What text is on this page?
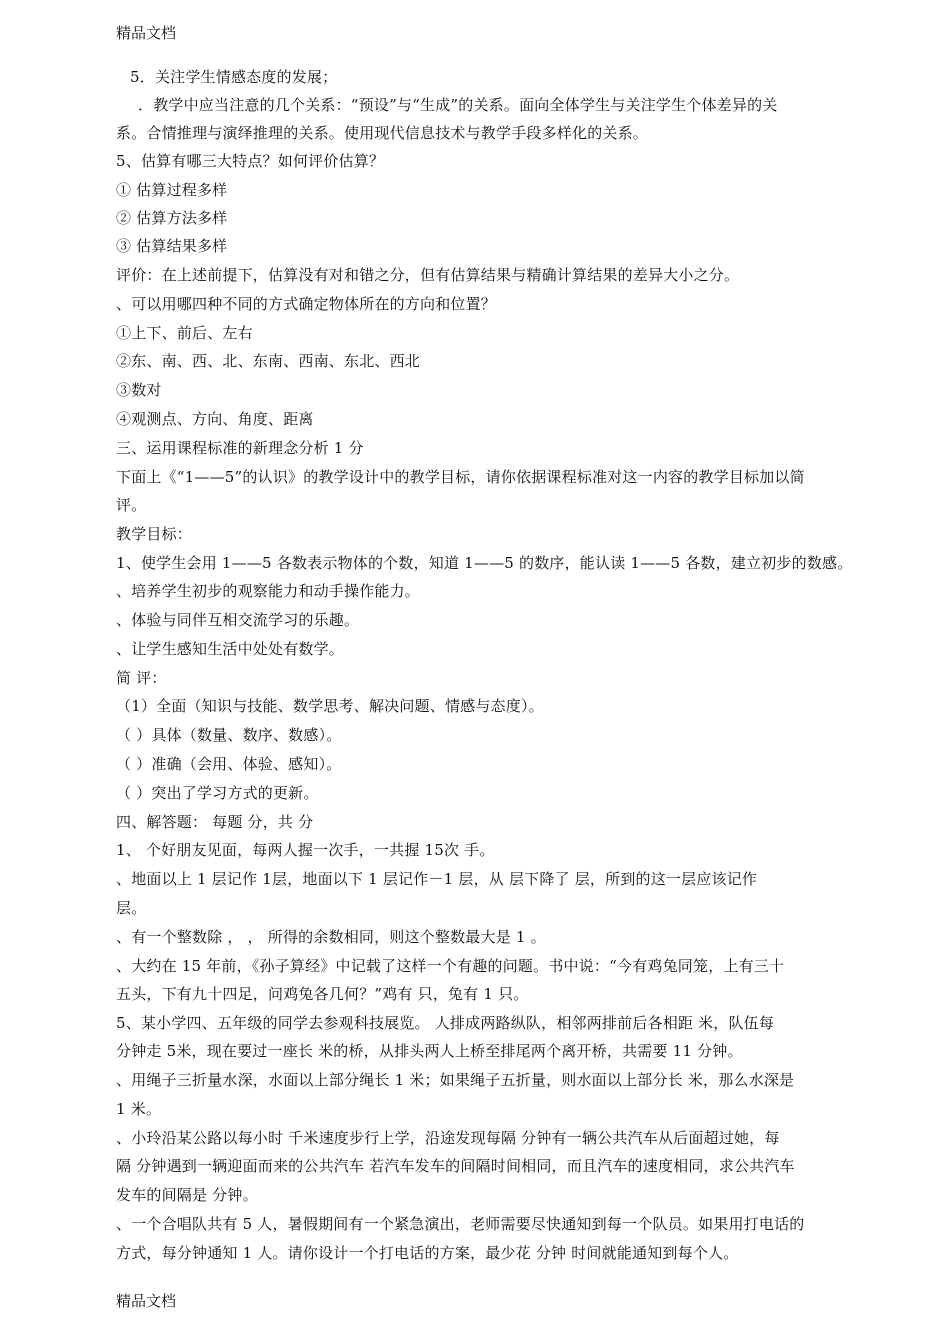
精品文档
5．关注学生情感态度的发展；
．教学中应当注意的几个关系：“预设”与“生成”的关系。面向全体学生与关注学生个体差异的关
系。合情推理与演绎推理的关系。使用现代信息技术与教学手段多样化的关系。
5、估算有哪三大特点？如何评价估算？
① 估算过程多样
② 估算方法多样
③ 估算结果多样
评价：在上述前提下，估算没有对和错之分，但有估算结果与精确计算结果的差异大小之分。
、可以用哪四种不同的方式确定物体所在的方向和位置？
①上下、前后、左右
②东、南、西、北、东南、西南、东北、西北
③数对
④观测点、方向、角度、距离
三、运用课程标准的新理念分析 1 分
下面上《“1——5”的认识》的教学设计中的教学目标，请你依据课程标准对这一内容的教学目标加以简
评。
教学目标：
1、使学生会用 1——5 各数表示物体的个数，知道 1——5 的数序，能认读 1——5 各数，建立初步的数感。
、培养学生初步的观察能力和动手操作能力。
、体验与同伴互相交流学习的乐趣。
、让学生感知生活中处处有数学。
简 评：
（1）全面（知识与技能、数学思考、解决问题、情感与态度）。
（ ）具体（数量、数序、数感）。
（ ）准确（会用、体验、感知）。
（ ）突出了学习方式的更新。
四、解答题： 每题 分，共 分
1、 个好朋友见面，每两人握一次手，一共握 15次 手。
、地面以上 1 层记作 1层，地面以下 1 层记作－1 层，从 层下降了 层，所到的这一层应该记作
层。
、有一个整数除 ， ， 所得的余数相同，则这个整数最大是 1 。
、大约在 15 年前，《孙子算经》中记载了这样一个有趣的问题。书中说：“今有鸡兔同笼，上有三十
五头，下有九十四足，问鸡兔各几何？”鸡有 只，兔有 1 只。
5、某小学四、五年级的同学去参观科技展览。 人排成两路纵队，相邻两排前后各相距 米，队伍每
分钟走 5米，现在要过一座长 米的桥，从排头两人上桥至排尾两个离开桥，共需要 11 分钟。
、用绳子三折量水深，水面以上部分绳长 1 米；如果绳子五折量，则水面以上部分长 米，那么水深是
1 米。
、小玲沿某公路以每小时 千米速度步行上学，沿途发现每隔 分钟有一辆公共汽车从后面超过她，每
隔 分钟遇到一辆迎面而来的公共汽车 若汽车发车的间隔时间相同，而且汽车的速度相同，求公共汽车
发车的间隔是 分钟。
、一个合唱队共有 5 人，暑假期间有一个紧急演出，老师需要尽快通知到每一个队员。如果用打电话的
方式，每分钟通知 1 人。请你设计一个打电话的方案，最少花 分钟 时间就能通知到每个人。
精品文档
